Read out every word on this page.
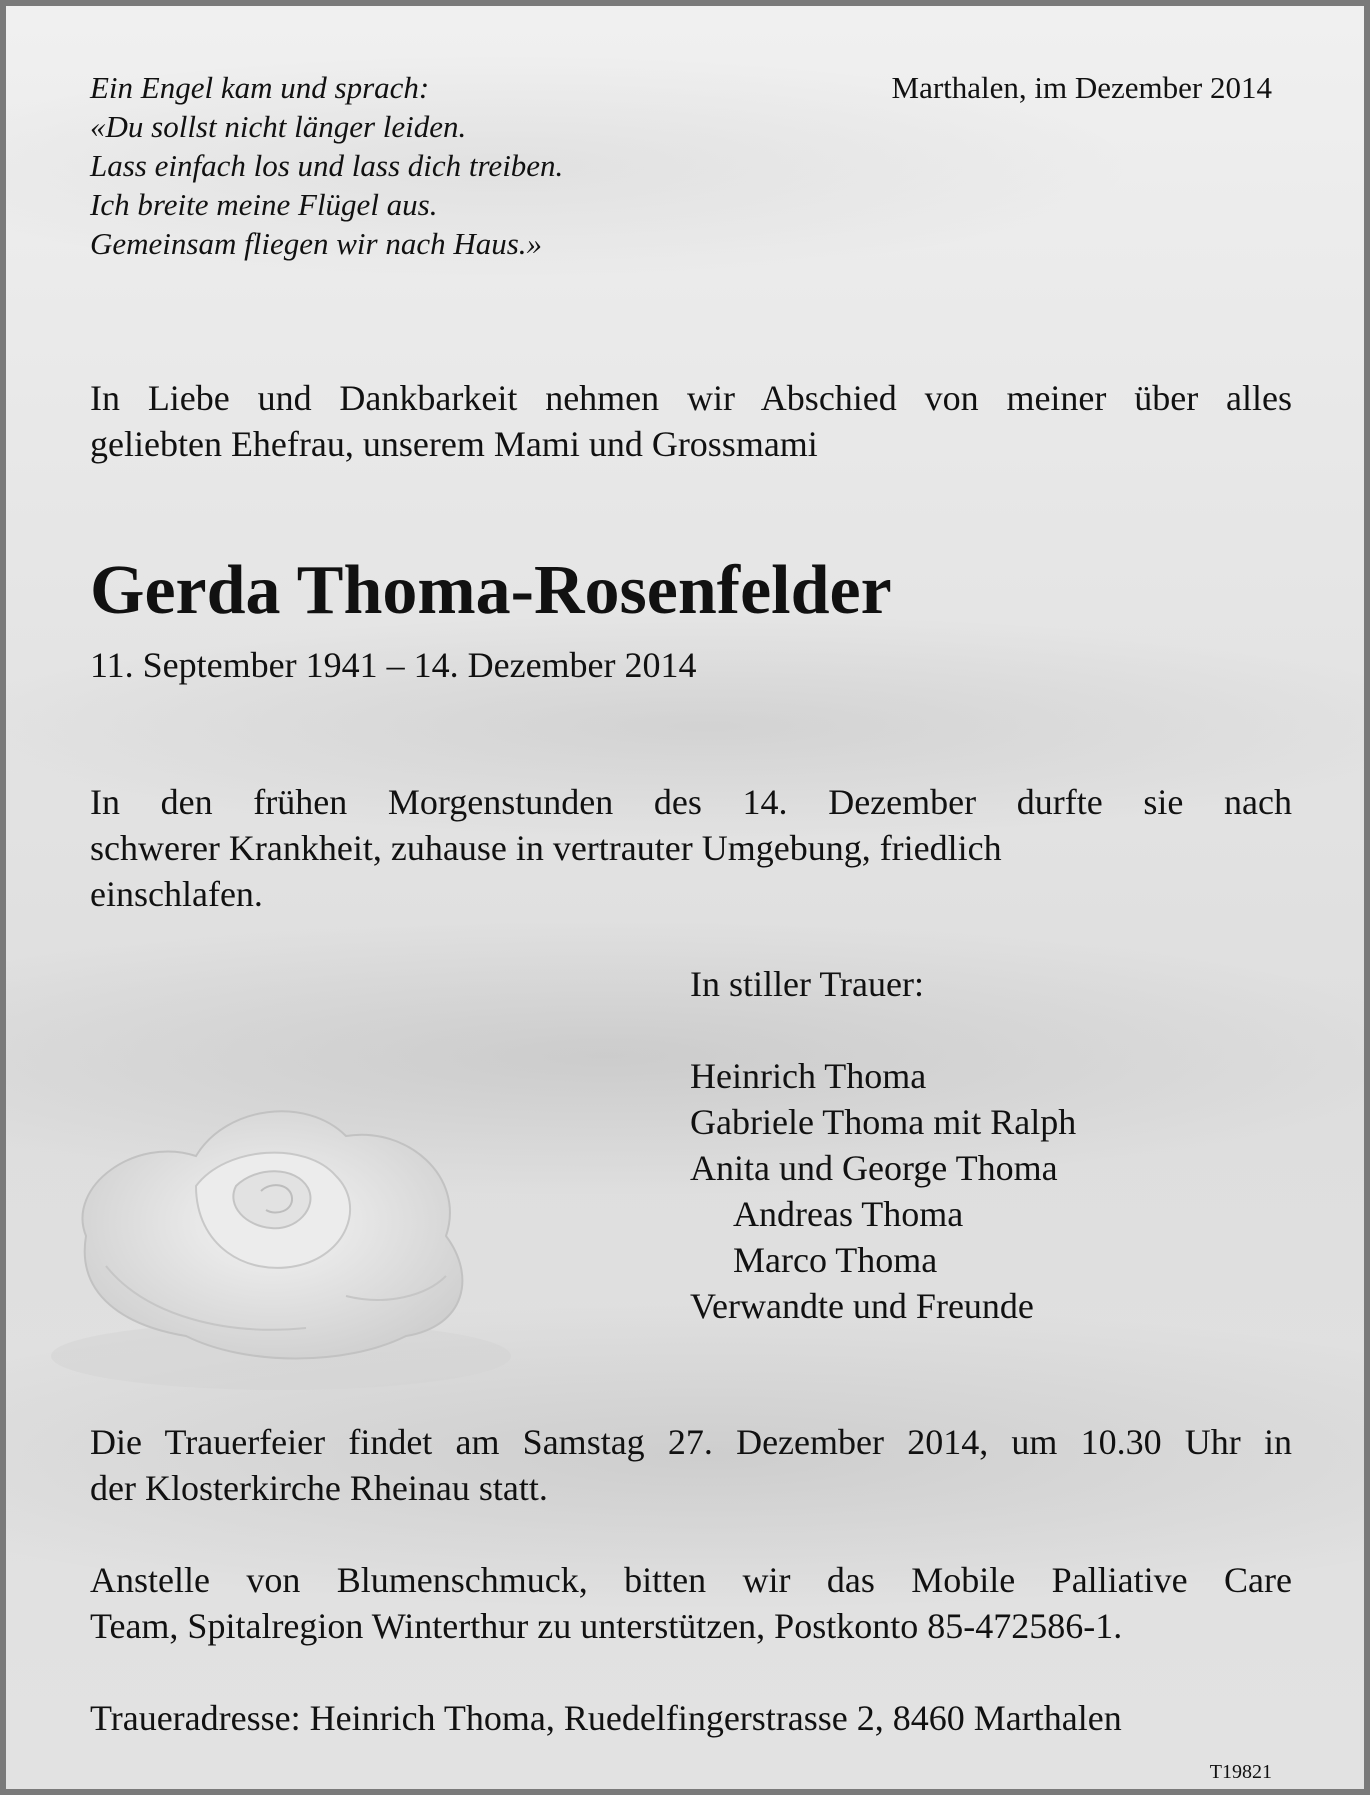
Ein Engel kam und sprach:
«Du sollst nicht länger leiden.
Lass einfach los und lass dich treiben.
Ich breite meine Flügel aus.
Gemeinsam fliegen wir nach Haus.»
Marthalen, im Dezember 2014
In Liebe und Dankbarkeit nehmen wir Abschied von meiner über alles
geliebten Ehefrau, unserem Mami und Grossmami
Gerda Thoma-Rosenfelder
11. September 1941 – 14. Dezember 2014
In den frühen Morgenstunden des 14. Dezember durfte sie nach
schwerer Krankheit, zuhause in vertrauter Umgebung, friedlich
einschlafen.
In stiller Trauer:
Heinrich Thoma
Gabriele Thoma mit Ralph
Anita und George Thoma
Andreas Thoma
Marco Thoma
Verwandte und Freunde
Die Trauerfeier findet am Samstag 27. Dezember 2014, um 10.30 Uhr in
der Klosterkirche Rheinau statt.
Anstelle von Blumenschmuck, bitten wir das Mobile Palliative Care
Team, Spitalregion Winterthur zu unterstützen, Postkonto 85-472586-1.
Traueradresse: Heinrich Thoma, Ruedelfingerstrasse 2, 8460 Marthalen
T19821
